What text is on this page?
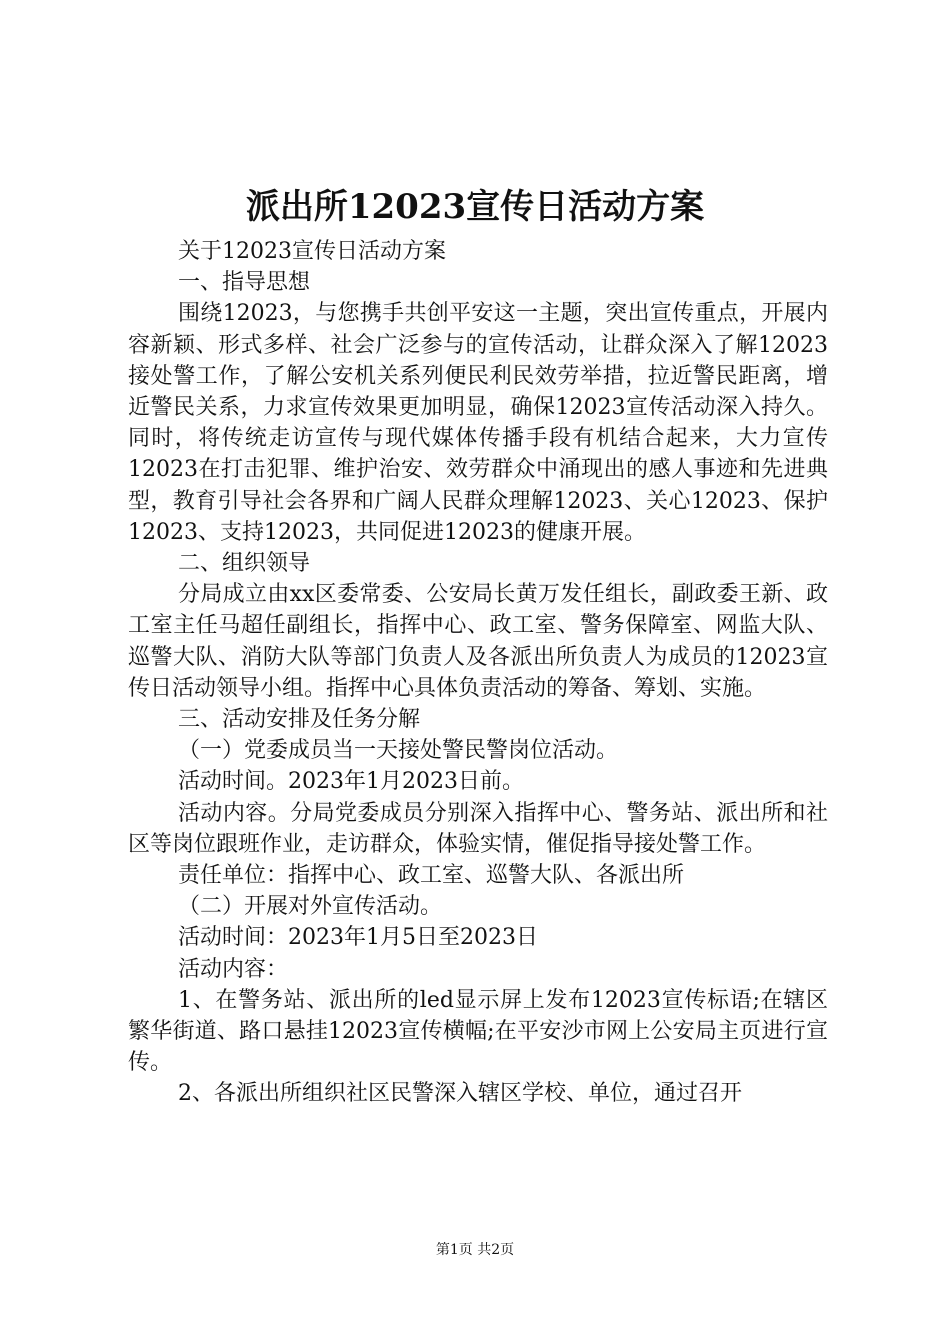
派出所12023宣传日活动方案

关于12023宣传日活动方案

一、指导思想

围绕12023，与您携手共创平安这一主题，突出宣传重点，开展内容新颖、形式多样、社会广泛参与的宣传活动，让群众深入了解12023接处警工作，了解公安机关系列便民利民效劳举措，拉近警民距离，增近警民关系，力求宣传效果更加明显，确保12023宣传活动深入持久。同时，将传统走访宣传与现代媒体传播手段有机结合起来，大力宣传12023在打击犯罪、维护治安、效劳群众中涌现出的感人事迹和先进典型，教育引导社会各界和广阔人民群众理解12023、关心12023、保护12023、支持12023，共同促进12023的健康开展。

二、组织领导

分局成立由xx区委常委、公安局长黄万发任组长，副政委王新、政工室主任马超任副组长，指挥中心、政工室、警务保障室、网监大队、巡警大队、消防大队等部门负责人及各派出所负责人为成员的12023宣传日活动领导小组。指挥中心具体负责活动的筹备、筹划、实施。

三、活动安排及任务分解

（一）党委成员当一天接处警民警岗位活动。

活动时间。2023年1月2023日前。

活动内容。分局党委成员分别深入指挥中心、警务站、派出所和社区等岗位跟班作业，走访群众，体验实情，催促指导接处警工作。

责任单位：指挥中心、政工室、巡警大队、各派出所

（二）开展对外宣传活动。

活动时间：2023年1月5日至2023日

活动内容：

1、在警务站、派出所的led显示屏上发布12023宣传标语;在辖区繁华街道、路口悬挂12023宣传横幅;在平安沙市网上公安局主页进行宣传。

2、各派出所组织社区民警深入辖区学校、单位，通过召开

第1页 共2页
